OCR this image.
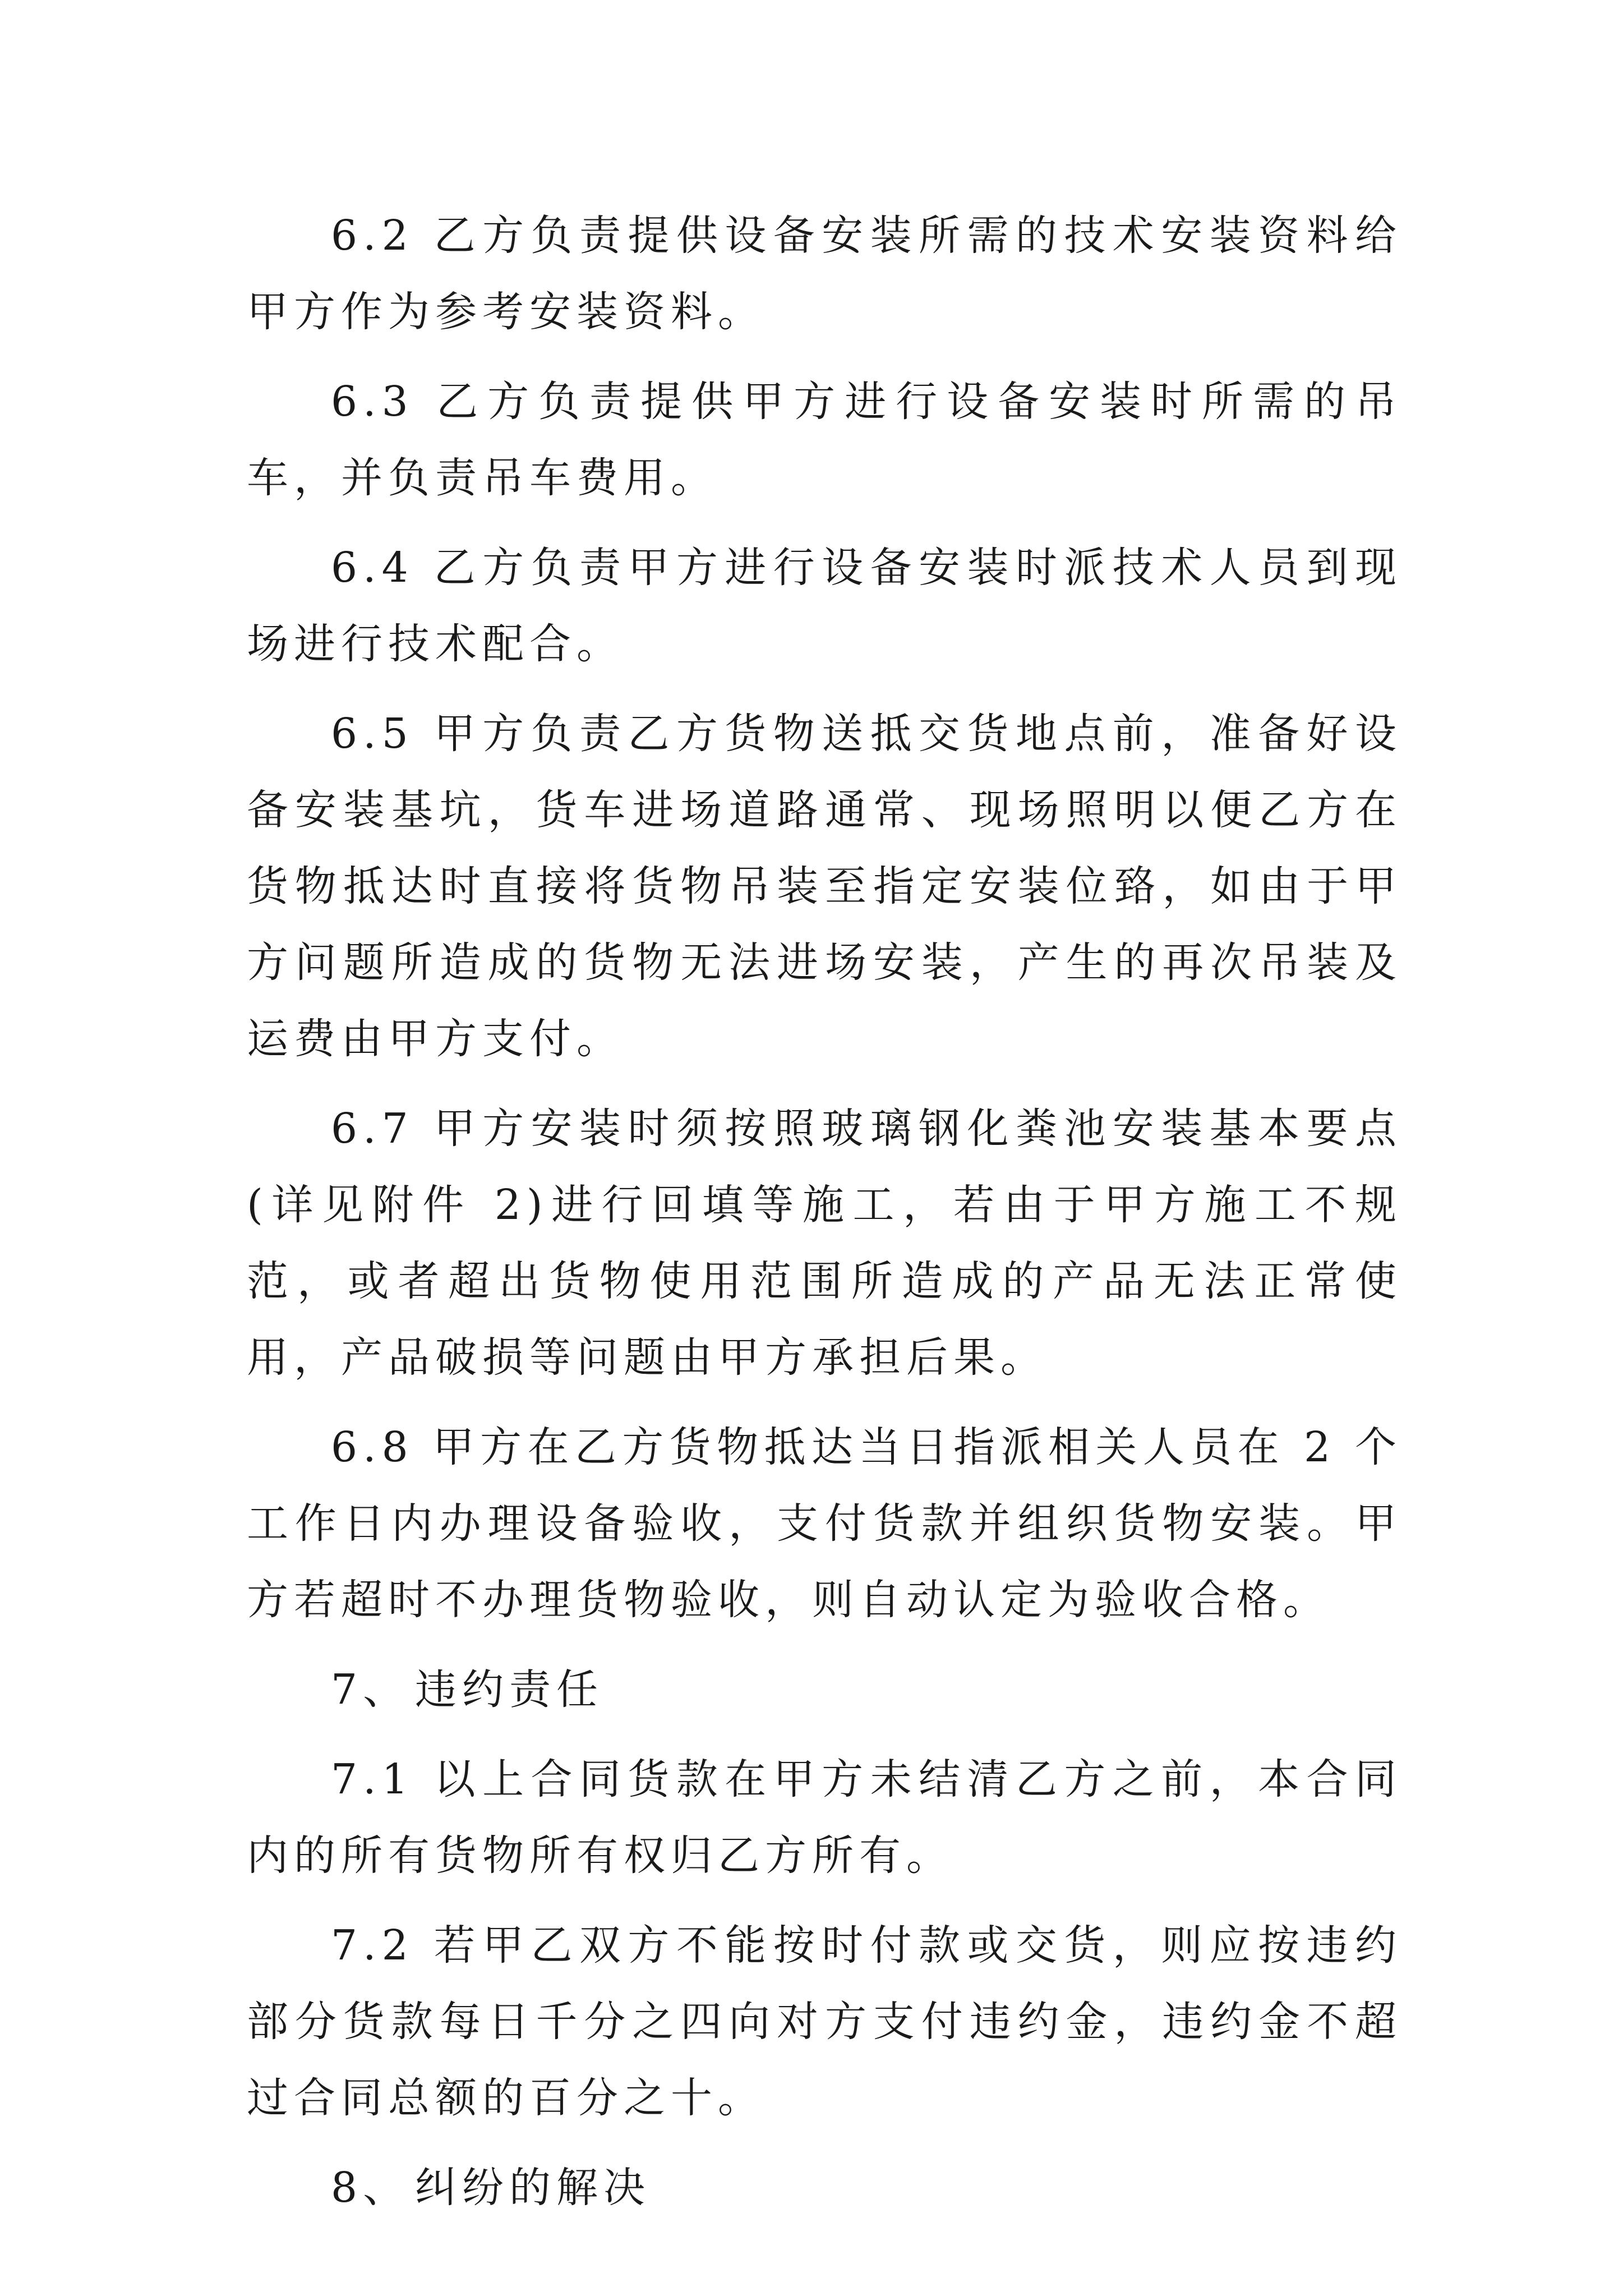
6.2 乙方负责提供设备安装所需的技术安装资料给甲方作为参考安装资料。

6.3 乙方负责提供甲方进行设备安装时所需的吊车，并负责吊车费用。

6.4 乙方负责甲方进行设备安装时派技术人员到现场进行技术配合。

6.5 甲方负责乙方货物送抵交货地点前，准备好设备安装基坑，货车进场道路通常、现场照明以便乙方在货物抵达时直接将货物吊装至指定安装位臵，如由于甲方问题所造成的货物无法进场安装，产生的再次吊装及运费由甲方支付。

6.7 甲方安装时须按照玻璃钢化粪池安装基本要点(详见附件 2)进行回填等施工，若由于甲方施工不规范，或者超出货物使用范围所造成的产品无法正常使用，产品破损等问题由甲方承担后果。

6.8 甲方在乙方货物抵达当日指派相关人员在 2 个工作日内办理设备验收，支付货款并组织货物安装。甲方若超时不办理货物验收，则自动认定为验收合格。

7、 违约责任

7.1 以上合同货款在甲方未结清乙方之前，本合同内的所有货物所有权归乙方所有。

7.2 若甲乙双方不能按时付款或交货，则应按违约部分货款每日千分之四向对方支付违约金，违约金不超过合同总额的百分之十。

8、 纠纷的解决
